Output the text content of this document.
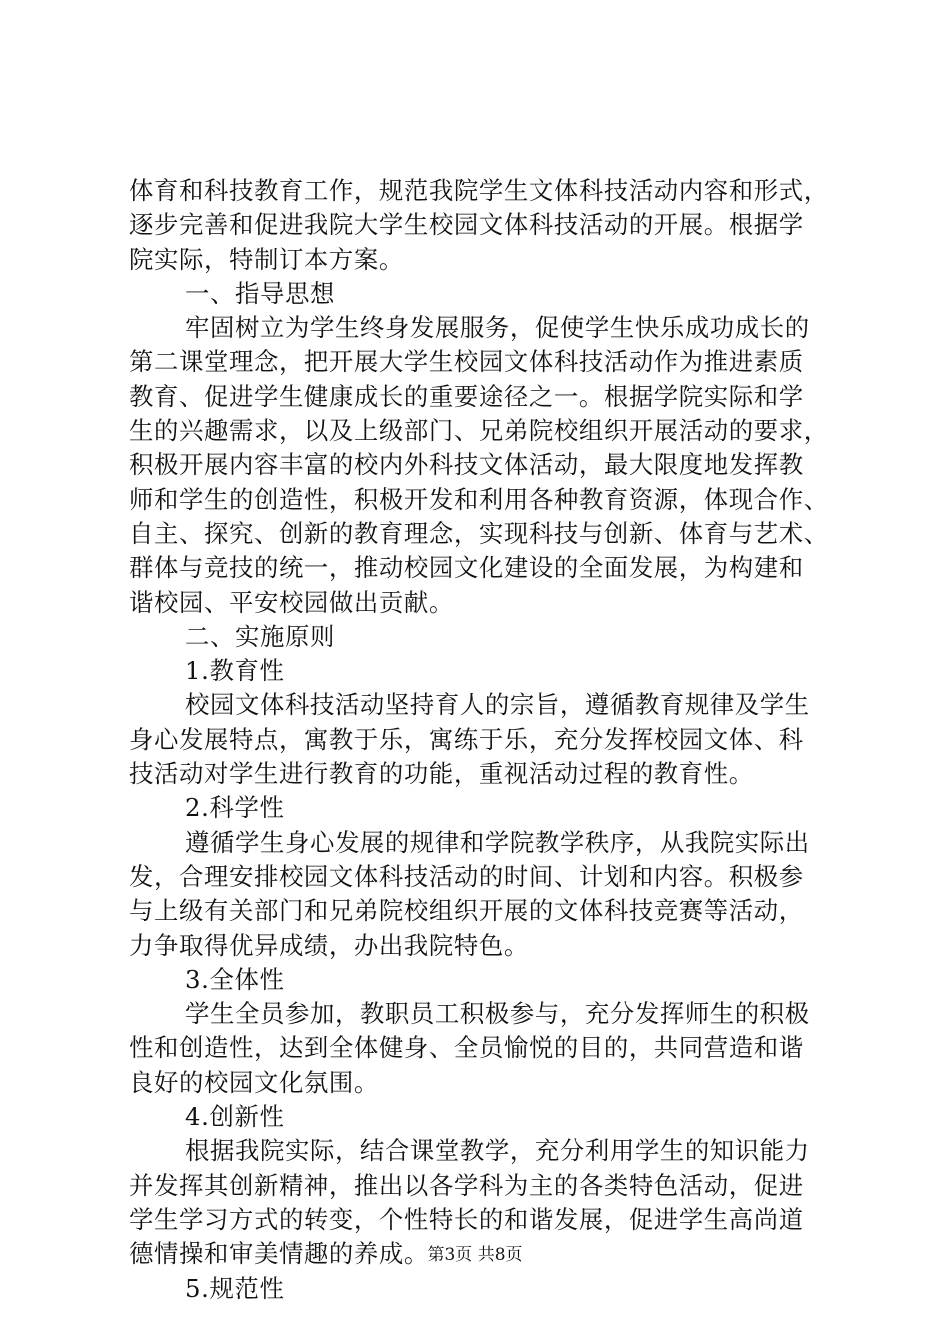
体育和科技教育工作，规范我院学生文体科技活动内容和形式，
逐步完善和促进我院大学生校园文体科技活动的开展。根据学
院实际，特制订本方案。
一、指导思想
牢固树立为学生终身发展服务，促使学生快乐成功成长的
第二课堂理念，把开展大学生校园文体科技活动作为推进素质
教育、促进学生健康成长的重要途径之一。根据学院实际和学
生的兴趣需求，以及上级部门、兄弟院校组织开展活动的要求，
积极开展内容丰富的校内外科技文体活动，最大限度地发挥教
师和学生的创造性，积极开发和利用各种教育资源，体现合作、
自主、探究、创新的教育理念，实现科技与创新、体育与艺术、
群体与竞技的统一，推动校园文化建设的全面发展，为构建和
谐校园、平安校园做出贡献。
二、实施原则
1.教育性
校园文体科技活动坚持育人的宗旨，遵循教育规律及学生
身心发展特点，寓教于乐，寓练于乐，充分发挥校园文体、科
技活动对学生进行教育的功能，重视活动过程的教育性。
2.科学性
遵循学生身心发展的规律和学院教学秩序，从我院实际出
发，合理安排校园文体科技活动的时间、计划和内容。积极参
与上级有关部门和兄弟院校组织开展的文体科技竞赛等活动，
力争取得优异成绩，办出我院特色。
3.全体性
学生全员参加，教职员工积极参与，充分发挥师生的积极
性和创造性，达到全体健身、全员愉悦的目的，共同营造和谐
良好的校园文化氛围。
4.创新性
根据我院实际，结合课堂教学，充分利用学生的知识能力
并发挥其创新精神，推出以各学科为主的各类特色活动，促进
学生学习方式的转变，个性特长的和谐发展，促进学生高尚道
德情操和审美情趣的养成。
5.规范性
第3页 共8页
